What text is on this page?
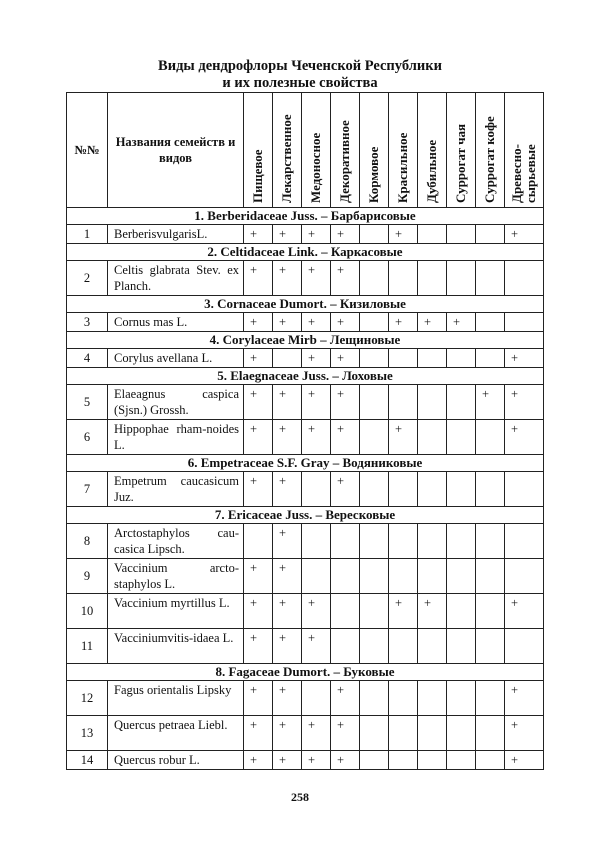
Виды дендрофлоры Чеченской Республики
и их полезные свойства
№№	Названия семейств и видов	Пищевое	Лекарственное	Медоносное	Декоративное	Кормовое	Красильное	Дубильное	Суррогат чая	Суррогат кофе	Древесно-сырьевые

1. Berberidaceae Juss. – Барбарисовые											
1	BerberisvulgarisL.	+	+	+	+		+				+
2. Celtidaceae Link. – Каркасовые											
2	Celtis glabrata Stev. ex Planch.	+	+	+	+						
3. Cornaceae Dumort. – Кизиловые											
3	Cornus mas L.	+	+	+	+		+	+	+		
4. Corylaceae Mirb – Лещиновые											
4	Corylus avellana L.	+		+	+						+
5. Elaegnaceae Juss. – Лоховые											
5	Elaeagnus caspica (Sjsn.) Grossh.	+	+	+	+					+	+
6	Hippophae rham-noides L.	+	+	+	+		+				+
6. Empetraceae S.F. Gray – Водяниковые											
7	Empetrum caucasicum Juz.	+	+		+						
7. Ericaceae Juss. – Вересковые											
8	Arctostaphylos cau-casica Lipsch.		+								
9	Vaccinium arcto-staphylos L.	+	+								
10	Vaccinium myrtillus L.	+	+	+			+	+			+
11	Vacciniumvitis-idaea L.	+	+	+							
8. Fagaceae Dumort. – Буковые											
12	Fagus orientalis Lipsky	+	+		+						+
13	Quercus petraea Liebl.	+	+	+	+						+
14	Quercus robur L.	+	+	+	+						+
258
